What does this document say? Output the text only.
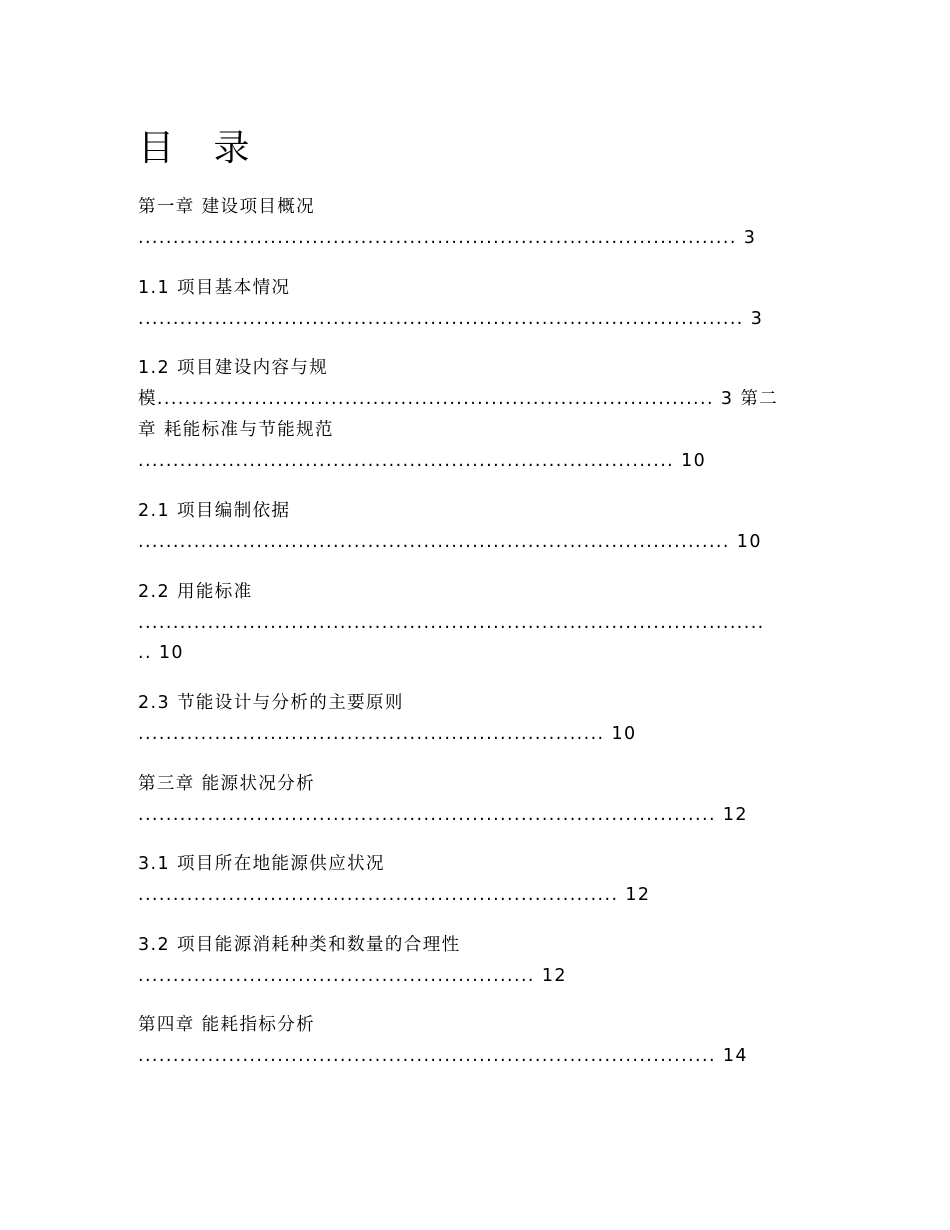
目 录
第一章 建设项目概况
...................................................................................... 3
1.1 项目基本情况
....................................................................................... 3
1.2 项目建设内容与规
模................................................................................ 3 第二
章 耗能标准与节能规范
............................................................................. 10
2.1 项目编制依据
..................................................................................... 10
2.2 用能标准
..........................................................................................
.. 10
2.3 节能设计与分析的主要原则
................................................................... 10
第三章 能源状况分析
................................................................................... 12
3.1 项目所在地能源供应状况
..................................................................... 12
3.2 项目能源消耗种类和数量的合理性
......................................................... 12
第四章 能耗指标分析
................................................................................... 14
